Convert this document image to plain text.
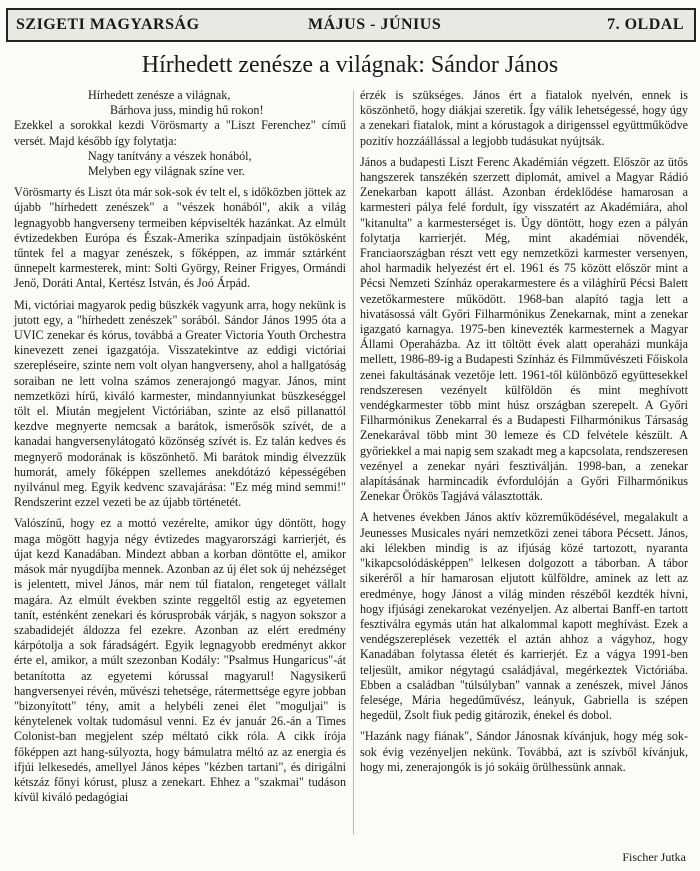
SZIGETI MAGYARSÁG	MÁJUS - JÚNIUS	7. OLDAL
Hírhedett zenésze a világnak: Sándor János

Hírhedett zenésze a világnak,

Bárhova juss, mindig hű rokon!

Ezekkel a sorokkal kezdi Vörösmarty a "Liszt Ferenchez" című versét. Majd később így folytatja:

Nagy tanítvány a vészek honából,

Melyben egy világnak színe ver.

Vörösmarty és Liszt óta már sok-sok év telt el, s időközben jöttek az újabb "hírhedett zenészek" a "vészek honából", akik a világ legnagyobb hangverseny termeiben képviselték hazánkat. Az elmúlt évtizedekben Európa és Észak-Amerika színpadjain üstökösként tűntek fel a magyar zenészek, s főképpen, az immár sztárként ünnepelt karmesterek, mint: Solti György, Reiner Frigyes, Ormándi Jenő, Doráti Antal, Kertész István, és Joó Árpád.

Mi, victóriai magyarok pedig büszkék vagyunk arra, hogy nekünk is jutott egy, a "hírhedett zenészek" sorából. Sándor János 1995 óta a UVIC zenekar és kórus, továbbá a Greater Victoria Youth Orchestra kinevezett zenei igazgatója. Visszatekintve az eddigi victóriai szerepléseire, szinte nem volt olyan hangverseny, ahol a hallgatóság soraiban ne lett volna számos zenerajongó magyar. János, mint nemzetközi hírű, kiváló karmester, mindannyiunkat büszkeséggel tölt el. Miután megjelent Victóriában, szinte az első pillanattól kezdve megnyerte nemcsak a barátok, ismerősök szívét, de a kanadai hangversenylátogató közönség szívét is. Ez talán kedves és megnyerő modorának is köszönhető. Mi barátok mindig élvezzük humorát, amely főképpen szellemes anekdótázó képességében nyilvánul meg. Egyik kedvenc szavajárása: "Ez még mind semmi!" Rendszerint ezzel vezeti be az újabb történetét.

Valószínű, hogy ez a mottó vezérelte, amikor úgy döntött, hogy maga mögött hagyja négy évtizedes magyarországi karrierjét, és újat kezd Kanadában. Mindezt abban a korban döntötte el, amikor mások már nyugdíjba mennek. Azonban az új élet sok új nehézséget is jelentett, mivel János, már nem túl fiatalon, rengeteget vállalt magára. Az elmúlt években szinte reggeltől estig az egyetemen tanít, esténként zenekari és kórusprobák várják, s nagyon sokszor a szabadidejét áldozza fel ezekre. Azonban az elért eredmény kárpótolja a sok fáradságért. Egyik legnagyobb eredményt akkor érte el, amikor, a múlt szezonban Kodály: "Psalmus Hungaricus"-át betanította az egyetemi kórussal magyarul! Nagysikerű hangversenyei révén, művészi tehetsége, rátermettsége egyre jobban "bizonyított" tény, amit a helybéli zenei élet "moguljai" is kénytelenek voltak tudomásul venni. Ez év január 26.-án a Times Colonist-ban megjelent szép méltató cikk róla. A cikk írója főképpen azt hang-súlyozta, hogy bámulatra méltó az az energia és ifjúi lelkesedés, amellyel János képes "kézben tartani", és dirigálni kétszáz főnyi kórust, plusz a zenekart. Ehhez a "szakmai" tudáson kívül kiváló pedagógiai

érzék is szükséges. János ért a fiatalok nyelvén, ennek is köszönhető, hogy diákjai szeretik. Így válik lehetségessé, hogy úgy a zenekari fiatalok, mint a kórustagok a dirigenssel együttműködve pozitív hozzáállással a legjobb tudásukat nyújtsák.

János a budapesti Liszt Ferenc Akadémián végzett. Először az ütős hangszerek tanszékén szerzett diplomát, amivel a Magyar Rádió Zenekarban kapott állást. Azonban érdeklődése hamarosan a karmesteri pálya felé fordult, így visszatért az Akadémiára, ahol "kitanulta" a karmesterséget is. Úgy döntött, hogy ezen a pályán folytatja karrierjét. Még, mint akadémiai növendék, Franciaországban részt vett egy nemzetközi karmester versenyen, ahol harmadik helyezést ért el. 1961 és 75 között először mint a Pécsi Nemzeti Színház operakarmestere és a világhírű Pécsi Balett vezetőkarmestere működött. 1968-ban alapító tagja lett a hivatásossá vált Győri Filharmónikus Zenekarnak, mint a zenekar igazgató karnagya. 1975-ben kinevezték karmesternek a Magyar Állami Operaházba. Az itt töltött évek alatt operaházi munkája mellett, 1986-89-ig a Budapesti Színház és Filmművészeti Főiskola zenei fakultásának vezetője lett. 1961-től különböző együttesekkel rendszeresen vezényelt külföldön és mint meghívott vendégkarmester több mint húsz országban szerepelt. A Győri Filharmónikus Zenekarral és a Budapesti Filharmónikus Társaság Zenekarával több mint 30 lemeze és CD felvétele készült. A győriekkel a mai napig sem szakadt meg a kapcsolata, rendszeresen vezényel a zenekar nyári fesztiválján. 1998-ban, a zenekar alapításának harmincadik évfordulóján a Győri Filharmónikus Zenekar Örökös Tagjává választották.

A hetvenes években János aktív közreműködésével, megalakult a Jeunesses Musicales nyári nemzetközi zenei tábora Pécsett. János, aki lélekben mindig is az ifjúság közé tartozott, nyaranta "kikapcsolódásképpen" lelkesen dolgozott a táborban. A tábor sikeréről a hír hamarosan eljutott külföldre, aminek az lett az eredménye, hogy Jánost a világ minden részéből kezdték hívni, hogy ifjúsági zenekarokat vezényeljen. Az albertai Banff-en tartott fesztiválra egymás után hat alkalommal kapott meghívást. Ezek a vendégszereplések vezették el aztán ahhoz a vágyhoz, hogy Kanadában folytassa életét és karrierjét. Ez a vágya 1991-ben teljesült, amikor négytagú családjával, megérkeztek Victóriába. Ebben a családban "túlsúlyban" vannak a zenészek, mivel János felesége, Mária hegedűművész, leányuk, Gabriella is szépen hegedül, Zsolt fiuk pedig gitározik, énekel és dobol.

"Hazánk nagy fiának", Sándor Jánosnak kívánjuk, hogy még sok-sok évig vezényeljen nekünk. Továbbá, azt is szívből kívánjuk, hogy mi, zenerajongók is jó sokáig örülhessünk annak.

Fischer Jutka
